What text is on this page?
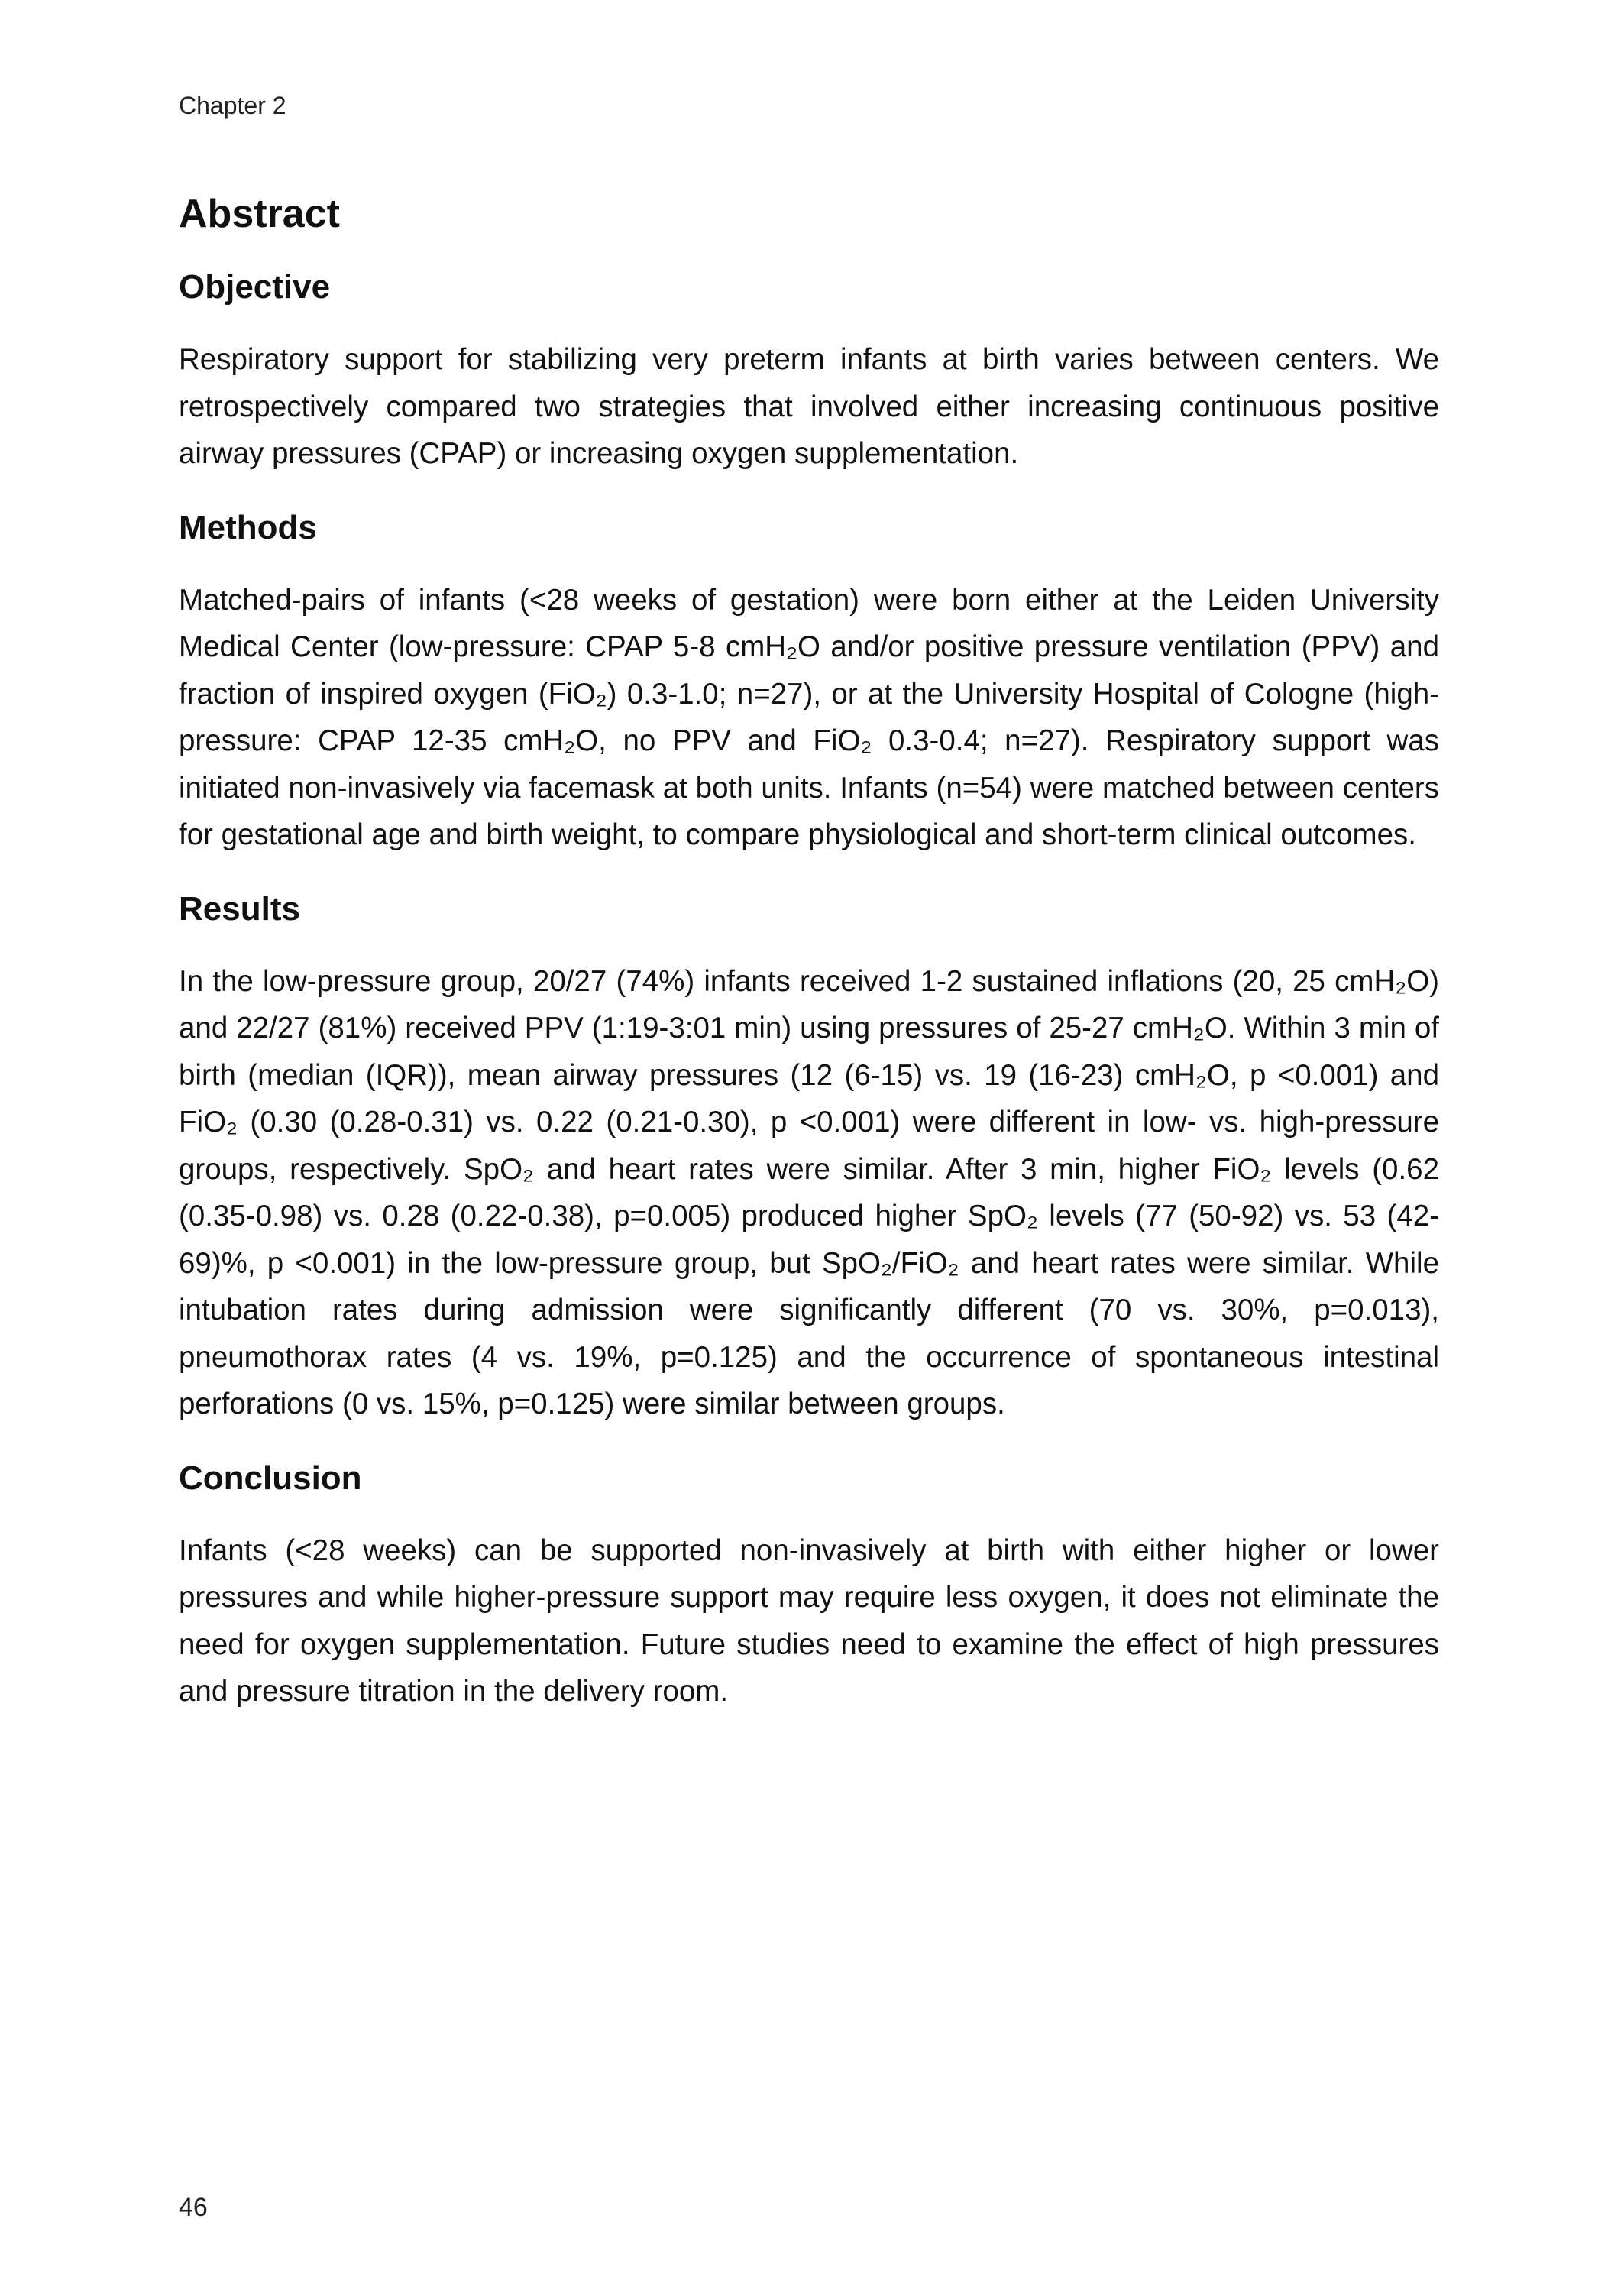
Chapter 2
Abstract
Objective

Respiratory support for stabilizing very preterm infants at birth varies between centers. We retrospectively compared two strategies that involved either increasing continuous positive airway pressures (CPAP) or increasing oxygen supplementation.

Methods

Matched-pairs of infants (<28 weeks of gestation) were born either at the Leiden University Medical Center (low-pressure: CPAP 5-8 cmH₂O and/or positive pressure ventilation (PPV) and fraction of inspired oxygen (FiO₂) 0.3-1.0; n=27), or at the University Hospital of Cologne (high-pressure: CPAP 12-35 cmH₂O, no PPV and FiO₂ 0.3-0.4; n=27). Respiratory support was initiated non-invasively via facemask at both units. Infants (n=54) were matched between centers for gestational age and birth weight, to compare physiological and short-term clinical outcomes.

Results

In the low-pressure group, 20/27 (74%) infants received 1-2 sustained inflations (20, 25 cmH₂O) and 22/27 (81%) received PPV (1:19-3:01 min) using pressures of 25-27 cmH₂O. Within 3 min of birth (median (IQR)), mean airway pressures (12 (6-15) vs. 19 (16-23) cmH₂O, p <0.001) and FiO₂ (0.30 (0.28-0.31) vs. 0.22 (0.21-0.30), p <0.001) were different in low- vs. high-pressure groups, respectively. SpO₂ and heart rates were similar. After 3 min, higher FiO₂ levels (0.62 (0.35-0.98) vs. 0.28 (0.22-0.38), p=0.005) produced higher SpO₂ levels (77 (50-92) vs. 53 (42-69)%, p <0.001) in the low-pressure group, but SpO₂/FiO₂ and heart rates were similar. While intubation rates during admission were significantly different (70 vs. 30%, p=0.013), pneumothorax rates (4 vs. 19%, p=0.125) and the occurrence of spontaneous intestinal perforations (0 vs. 15%, p=0.125) were similar between groups.

Conclusion

Infants (<28 weeks) can be supported non-invasively at birth with either higher or lower pressures and while higher-pressure support may require less oxygen, it does not eliminate the need for oxygen supplementation. Future studies need to examine the effect of high pressures and pressure titration in the delivery room.

46
